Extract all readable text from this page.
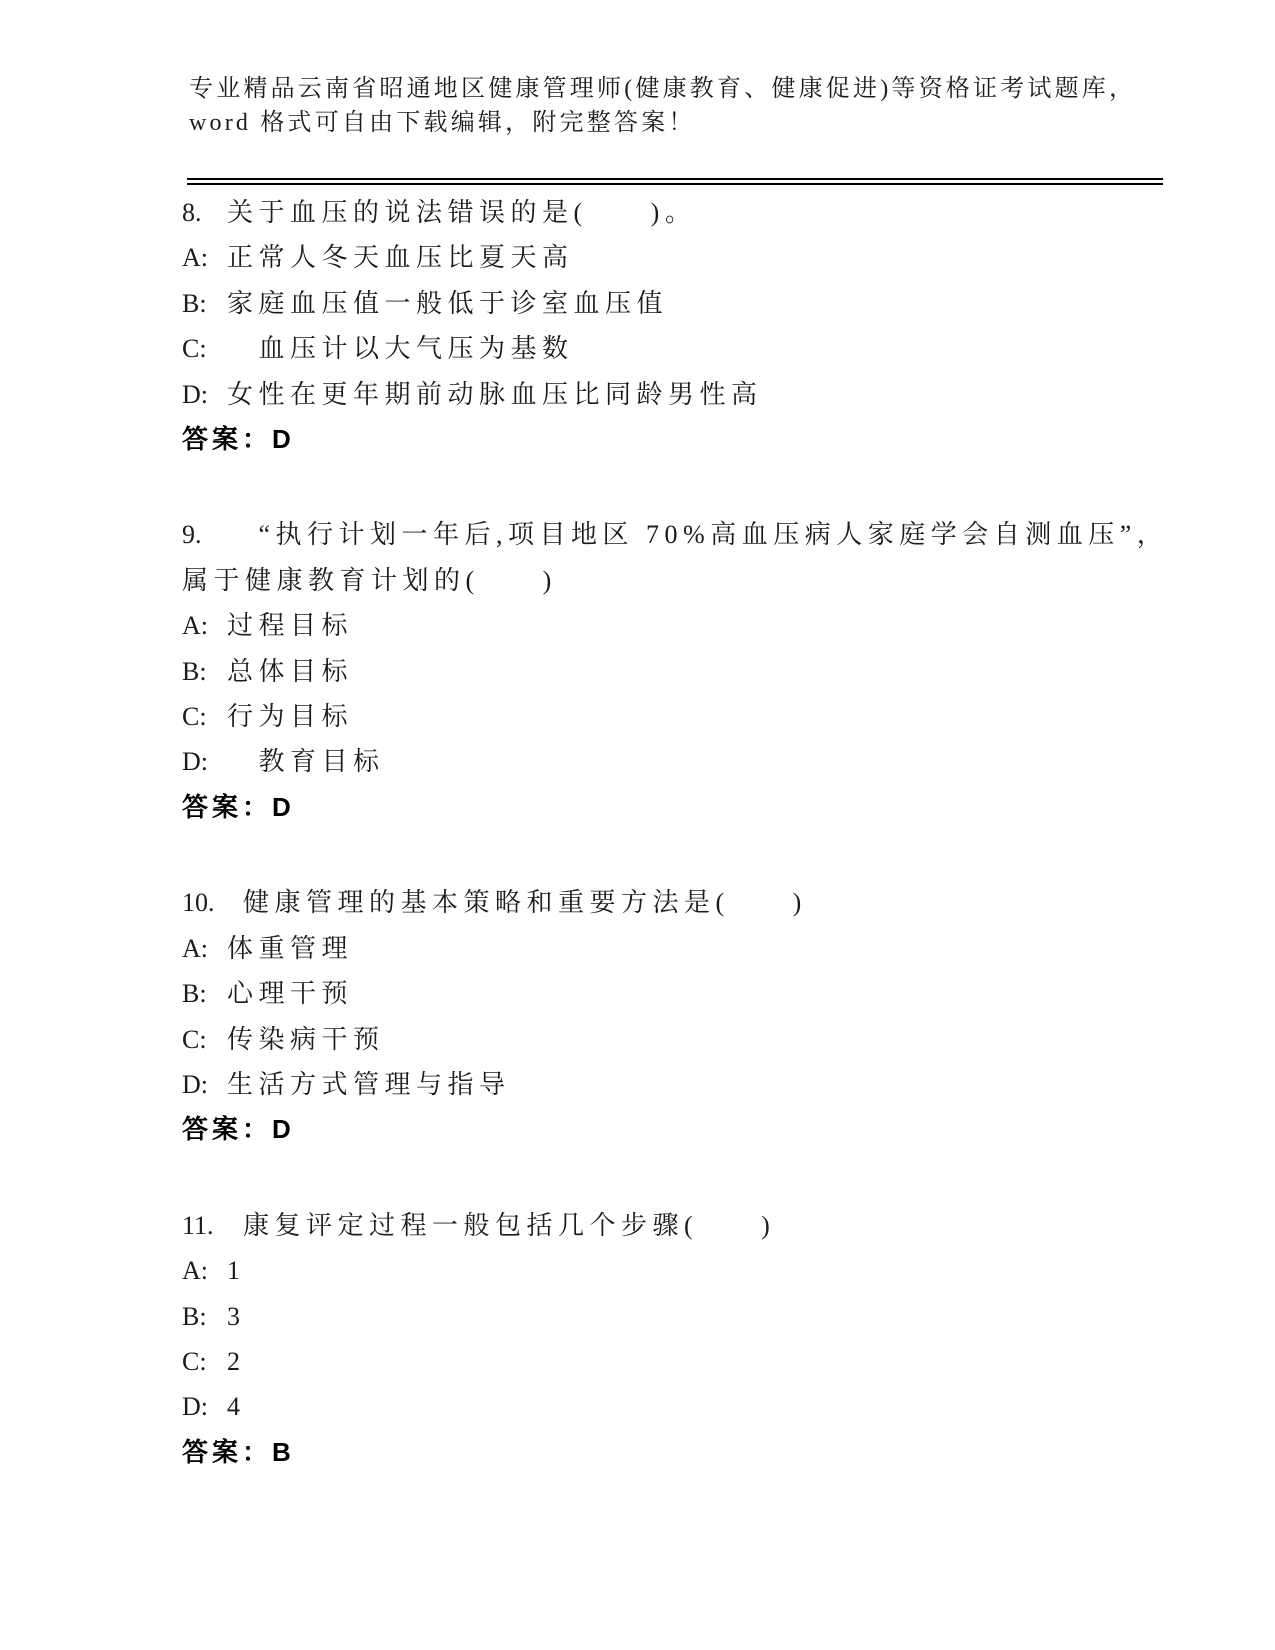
专业精品云南省昭通地区健康管理师(健康教育、健康促进)等资格证考试题库，
word 格式可自由下载编辑，附完整答案！
8. 关于血压的说法错误的是(　　)。
A: 正常人冬天血压比夏天高
B: 家庭血压值一般低于诊室血压值
C:　血压计以大气压为基数
D: 女性在更年期前动脉血压比同龄男性高
答案：D
9.　“执行计划一年后,项目地区 70%高血压病人家庭学会自测血压”，
属于健康教育计划的(　　)
A: 过程目标
B: 总体目标
C: 行为目标
D:　教育目标
答案：D
10. 健康管理的基本策略和重要方法是(　　)
A: 体重管理
B: 心理干预
C: 传染病干预
D: 生活方式管理与指导
答案：D
11. 康复评定过程一般包括几个步骤(　　)
A: 1
B: 3
C: 2
D: 4
答案：B
